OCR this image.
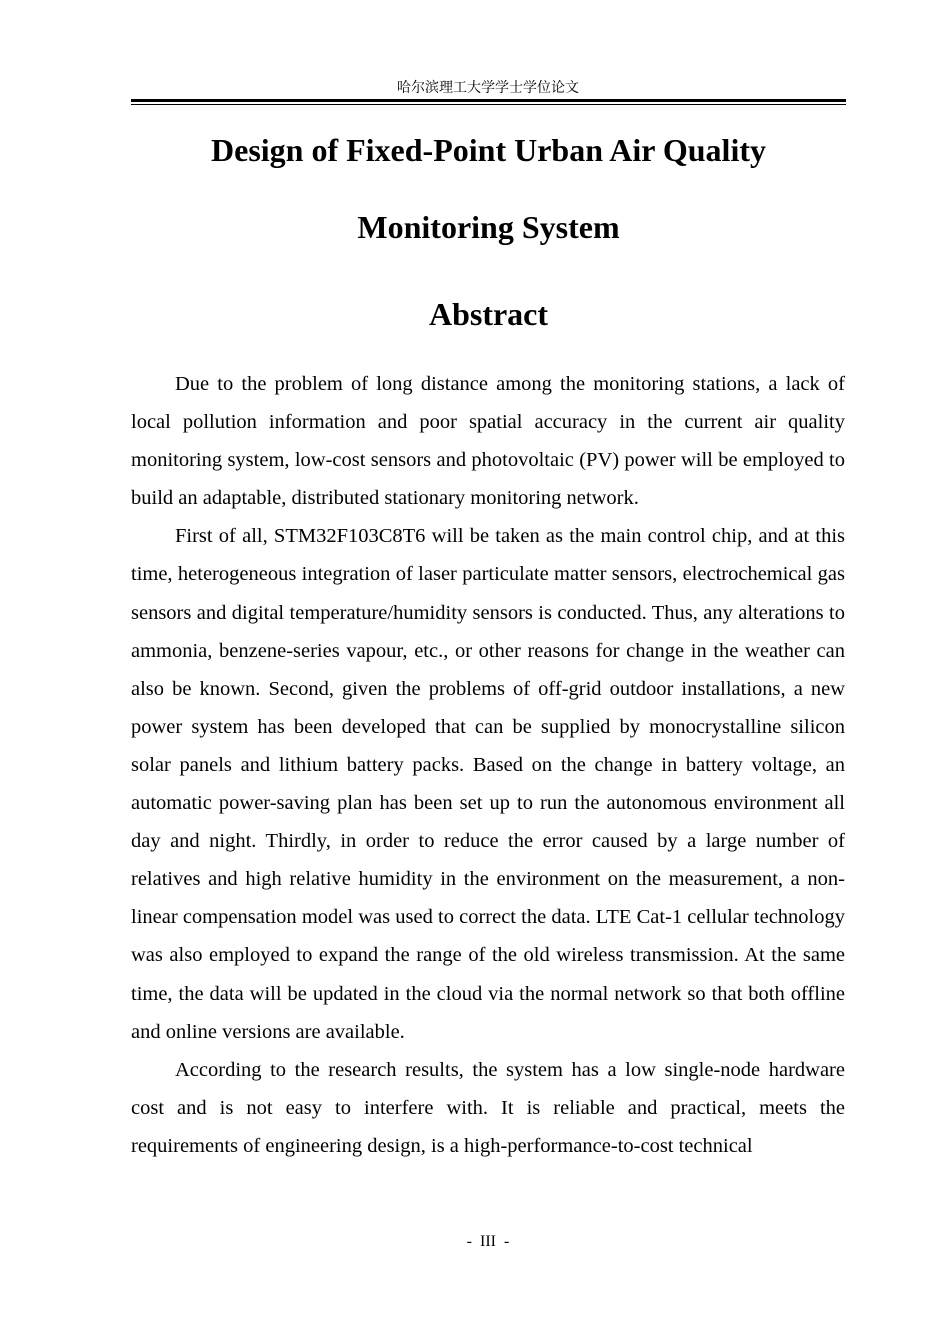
哈尔滨理工大学学士学位论文
Design of Fixed-Point Urban Air Quality
Monitoring System
Abstract

Due to the problem of long distance among the monitoring stations, a lack of local pollution information and poor spatial accuracy in the current air quality monitoring system, low-cost sensors and photovoltaic (PV) power will be employed to build an adaptable, distributed stationary monitoring network.

First of all, STM32F103C8T6 will be taken as the main control chip, and at this time, heterogeneous integration of laser particulate matter sensors, electrochemical gas sensors and digital temperature/humidity sensors is conducted. Thus, any alterations to ammonia, benzene-series vapour, etc., or other reasons for change in the weather can also be known. Second, given the problems of off-grid outdoor installations, a new power system has been developed that can be supplied by monocrystalline silicon solar panels and lithium battery packs. Based on the change in battery voltage, an automatic power-saving plan has been set up to run the autonomous environment all day and night. Thirdly, in order to reduce the error caused by a large number of relatives and high relative humidity in the environment on the measurement, a non-linear compensation model was used to correct the data. LTE Cat-1 cellular technology was also employed to expand the range of the old wireless transmission. At the same time, the data will be updated in the cloud via the normal network so that both offline and online versions are available.

According to the research results, the system has a low single-node hardware cost and is not easy to interfere with. It is reliable and practical, meets the requirements of engineering design, is a high-performance-to-cost technical

-  III  -
